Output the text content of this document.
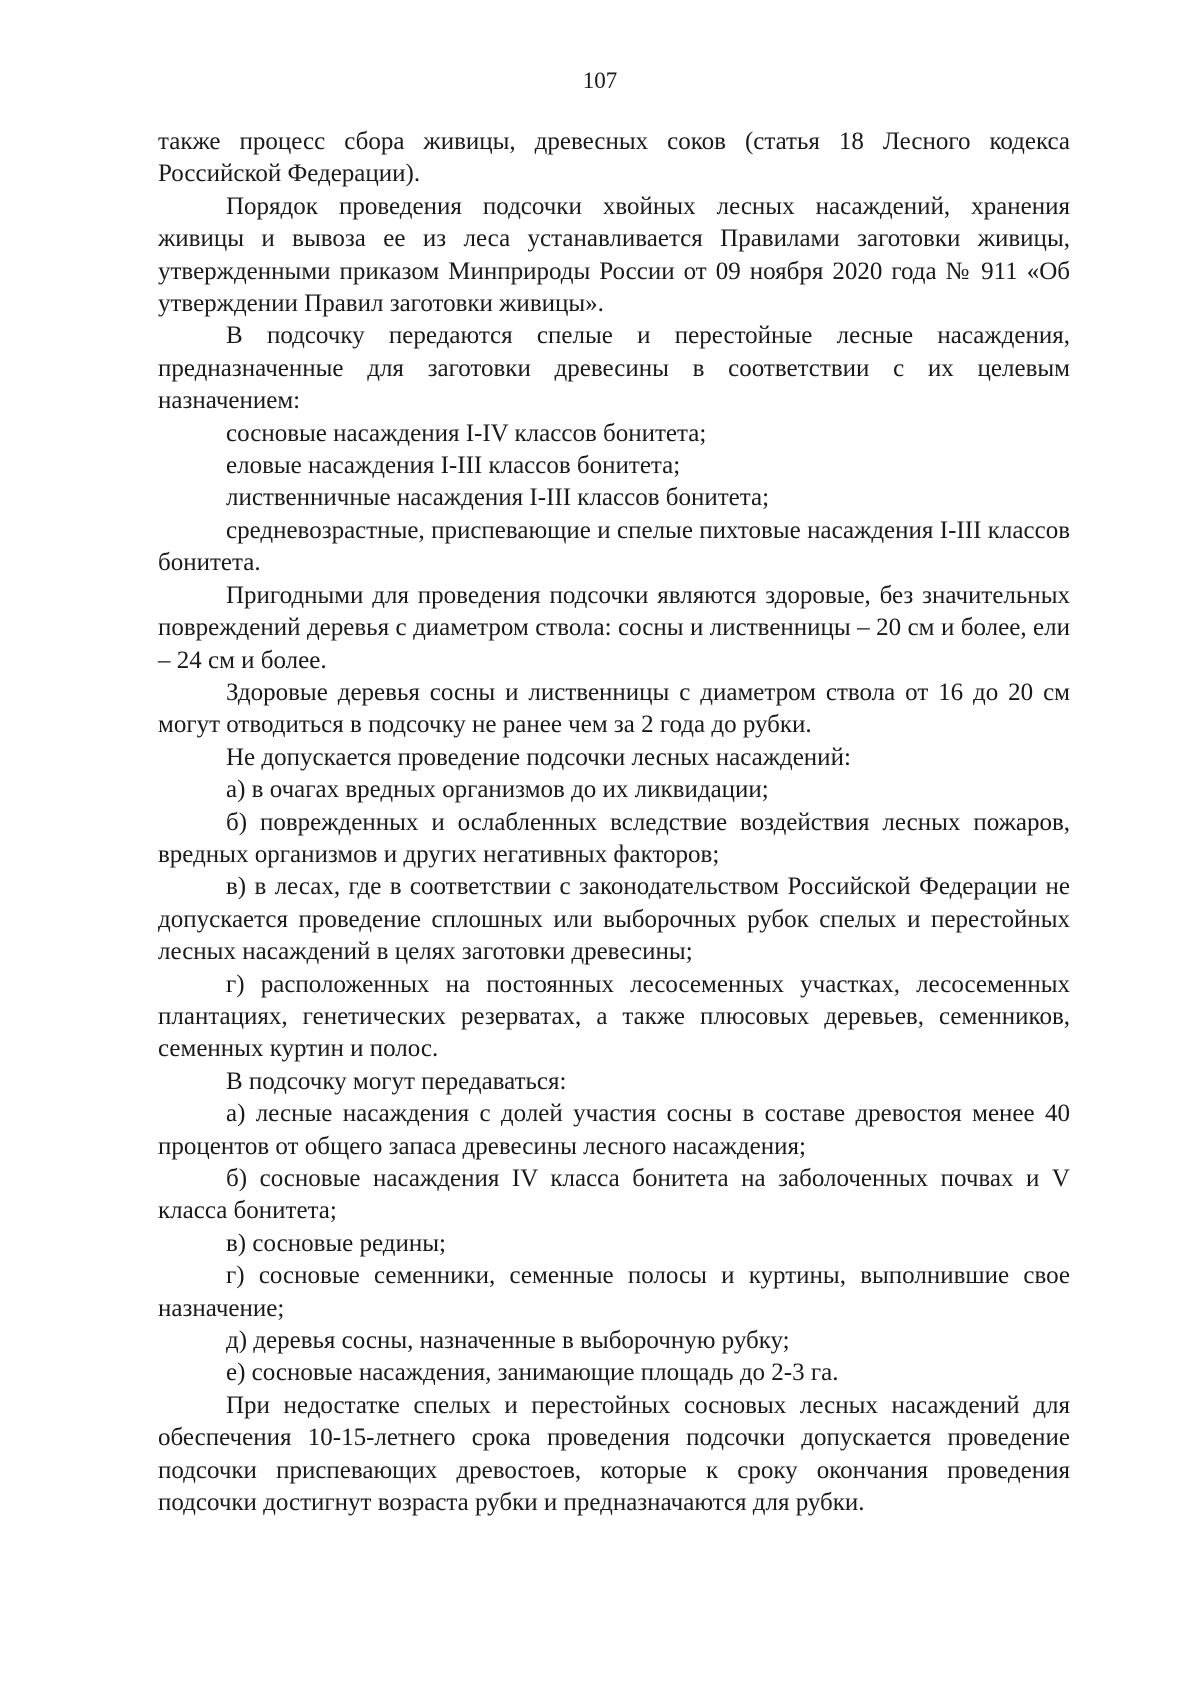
107

также процесс сбора живицы, древесных соков (статья 18 Лесного кодекса Российской Федерации).

Порядок проведения подсочки хвойных лесных насаждений, хранения живицы и вывоза ее из леса устанавливается Правилами заготовки живицы, утвержденными приказом Минприроды России от 09 ноября 2020 года № 911 «Об утверждении Правил заготовки живицы».

В подсочку передаются спелые и перестойные лесные насаждения, предназначенные для заготовки древесины в соответствии с их целевым назначением:

сосновые насаждения I-IV классов бонитета;

еловые насаждения I-III классов бонитета;

лиственничные насаждения I-III классов бонитета;

средневозрастные, приспевающие и спелые пихтовые насаждения I-III классов бонитета.

Пригодными для проведения подсочки являются здоровые, без значительных повреждений деревья с диаметром ствола: сосны и лиственницы – 20 см и более, ели – 24 см и более.

Здоровые деревья сосны и лиственницы с диаметром ствола от 16 до 20 см могут отводиться в подсочку не ранее чем за 2 года до рубки.

Не допускается проведение подсочки лесных насаждений:

а) в очагах вредных организмов до их ликвидации;

б) поврежденных и ослабленных вследствие воздействия лесных пожаров, вредных организмов и других негативных факторов;

в) в лесах, где в соответствии с законодательством Российской Федерации не допускается проведение сплошных или выборочных рубок спелых и перестойных лесных насаждений в целях заготовки древесины;

г) расположенных на постоянных лесосеменных участках, лесосеменных плантациях, генетических резерватах, а также плюсовых деревьев, семенников, семенных куртин и полос.

В подсочку могут передаваться:

а) лесные насаждения с долей участия сосны в составе древостоя менее 40 процентов от общего запаса древесины лесного насаждения;

б) сосновые насаждения IV класса бонитета на заболоченных почвах и V класса бонитета;

в) сосновые редины;

г) сосновые семенники, семенные полосы и куртины, выполнившие свое назначение;

д) деревья сосны, назначенные в выборочную рубку;

е) сосновые насаждения, занимающие площадь до 2-3 га.

При недостатке спелых и перестойных сосновых лесных насаждений для обеспечения 10-15-летнего срока проведения подсочки допускается проведение подсочки приспевающих древостоев, которые к сроку окончания проведения подсочки достигнут возраста рубки и предназначаются для рубки.
